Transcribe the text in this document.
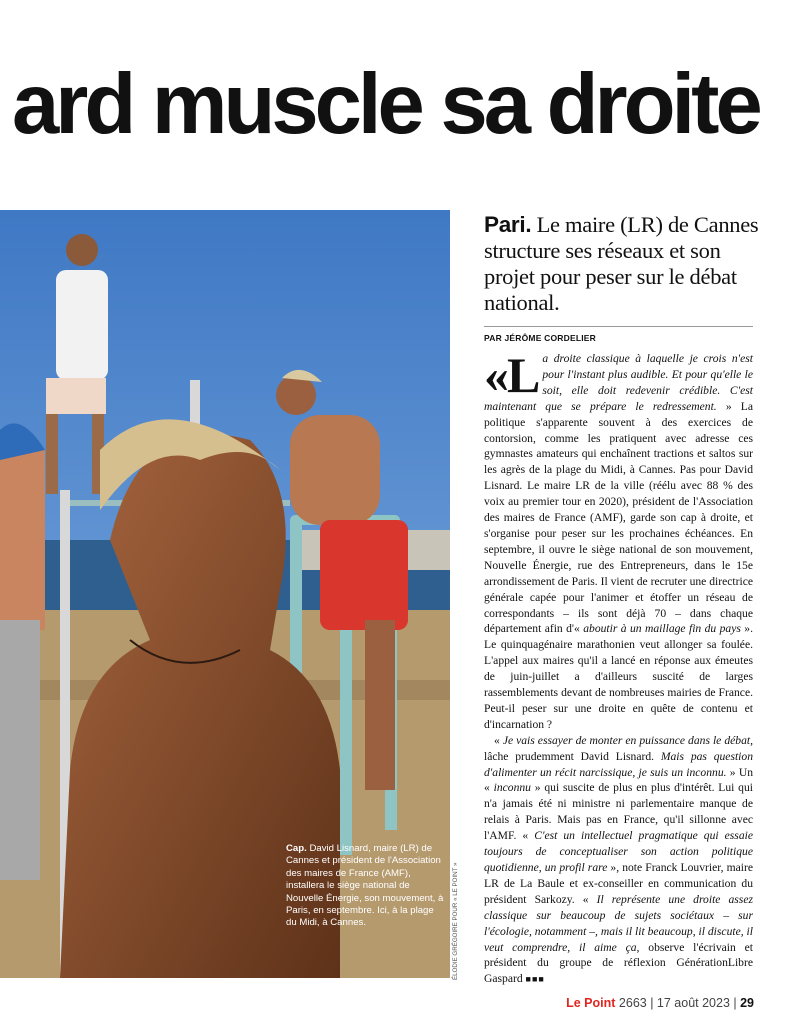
ard muscle sa droite
Cap. David Lisnard, maire (LR) de Cannes et président de l'Association des maires de France (AMF), installera le siège national de Nouvelle Énergie, son mouvement, à Paris, en septembre. Ici, à la plage du Midi, à Cannes.	ÉLODIE GRÉGOIRE POUR « LE POINT »
Pari. Le maire (LR) de Cannes structure ses réseaux et son projet pour peser sur le débat national.
PAR JÉRÔME CORDELIER

«La droite classique à laquelle je crois n'est pour l'instant plus audible. Et pour qu'elle le soit, elle doit redevenir crédible. C'est maintenant que se prépare le redressement. » La politique s'apparente souvent à des exercices de contorsion, comme les pratiquent avec adresse ces gymnastes amateurs qui enchaînent tractions et saltos sur les agrès de la plage du Midi, à Cannes. Pas pour David Lisnard. Le maire LR de la ville (réélu avec 88 % des voix au premier tour en 2020), président de l'Association des maires de France (AMF), garde son cap à droite, et s'organise pour peser sur les prochaines échéances. En septembre, il ouvre le siège national de son mouvement, Nouvelle Énergie, rue des Entrepreneurs, dans le 15e arrondissement de Paris. Il vient de recruter une directrice générale capée pour l'animer et étoffer un réseau de correspondants – ils sont déjà 70 – dans chaque département afin d'« aboutir à un maillage fin du pays ». Le quinquagénaire marathonien veut allonger sa foulée. L'appel aux maires qu'il a lancé en réponse aux émeutes de juin-juillet a d'ailleurs suscité de larges rassemblements devant de nombreuses mairies de France. Peut-il peser sur une droite en quête de contenu et d'incarnation ?

« Je vais essayer de monter en puissance dans le débat, lâche prudemment David Lisnard. Mais pas question d'alimenter un récit narcissique, je suis un inconnu. » Un « inconnu » qui suscite de plus en plus d'intérêt. Lui qui n'a jamais été ni ministre ni parlementaire manque de relais à Paris. Mais pas en France, qu'il sillonne avec l'AMF. « C'est un intellectuel pragmatique qui essaie toujours de conceptualiser son action politique quotidienne, un profil rare », note Franck Louvrier, maire LR de La Baule et ex-conseiller en communication du président Sarkozy. « Il représente une droite assez classique sur beaucoup de sujets sociétaux – sur l'écologie, notamment –, mais il lit beaucoup, il discute, il veut comprendre, il aime ça, observe l'écrivain et président du groupe de réflexion GénérationLibre Gaspard ■■■

Le Point 2663 | 17 août 2023 | 29
